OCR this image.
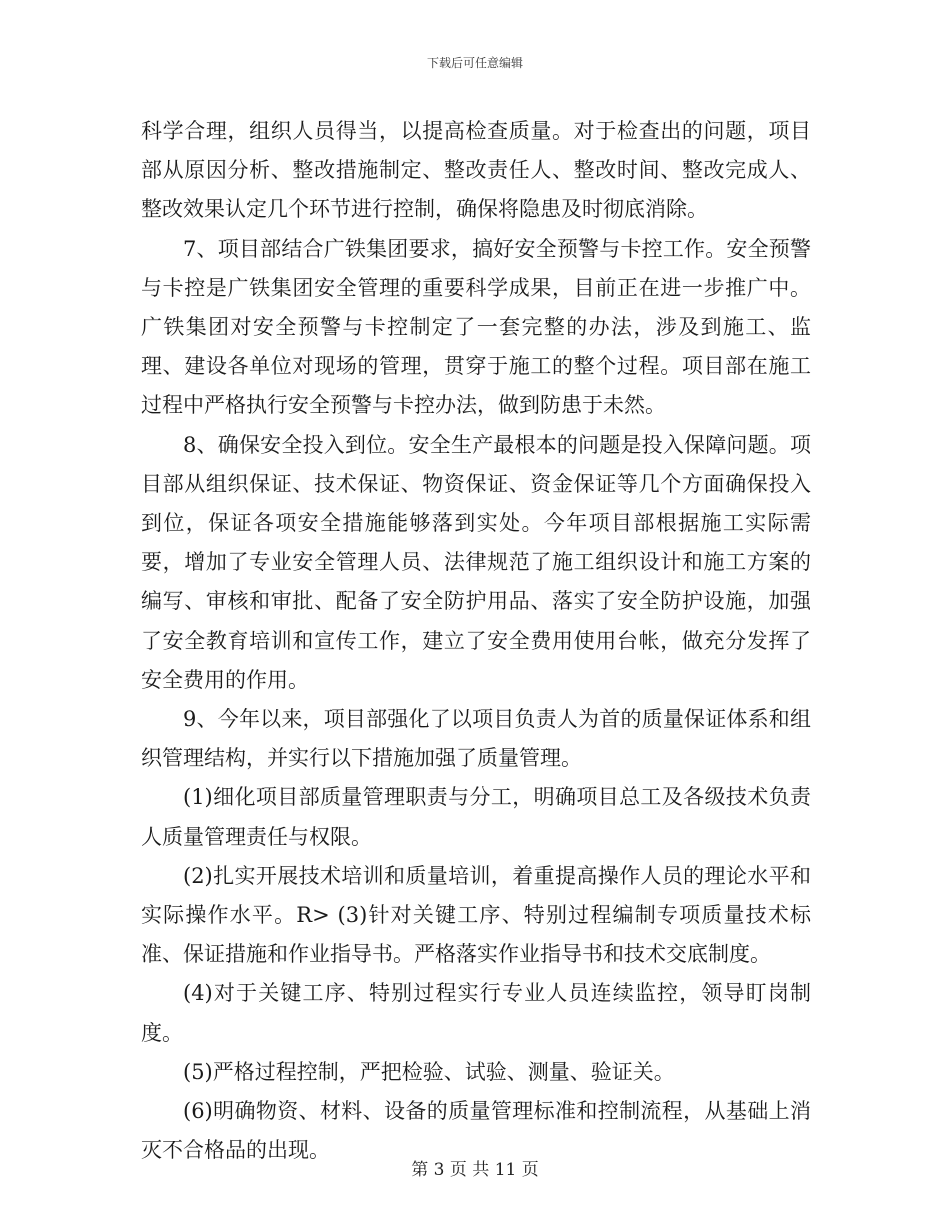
下载后可任意编辑

科学合理，组织人员得当，以提高检查质量。对于检查出的问题，项目部从原因分析、整改措施制定、整改责任人、整改时间、整改完成人、整改效果认定几个环节进行控制，确保将隐患及时彻底消除。

7、项目部结合广铁集团要求，搞好安全预警与卡控工作。安全预警与卡控是广铁集团安全管理的重要科学成果，目前正在进一步推广中。广铁集团对安全预警与卡控制定了一套完整的办法，涉及到施工、监理、建设各单位对现场的管理，贯穿于施工的整个过程。项目部在施工过程中严格执行安全预警与卡控办法，做到防患于未然。

8、确保安全投入到位。安全生产最根本的问题是投入保障问题。项目部从组织保证、技术保证、物资保证、资金保证等几个方面确保投入到位，保证各项安全措施能够落到实处。今年项目部根据施工实际需要，增加了专业安全管理人员、法律规范了施工组织设计和施工方案的编写、审核和审批、配备了安全防护用品、落实了安全防护设施，加强了安全教育培训和宣传工作，建立了安全费用使用台帐，做充分发挥了安全费用的作用。

9、今年以来，项目部强化了以项目负责人为首的质量保证体系和组织管理结构，并实行以下措施加强了质量管理。

(1)细化项目部质量管理职责与分工，明确项目总工及各级技术负责人质量管理责任与权限。

(2)扎实开展技术培训和质量培训，着重提高操作人员的理论水平和实际操作水平。R> (3)针对关键工序、特别过程编制专项质量技术标准、保证措施和作业指导书。严格落实作业指导书和技术交底制度。

(4)对于关键工序、特别过程实行专业人员连续监控，领导盯岗制度。

(5)严格过程控制，严把检验、试验、测量、验证关。

(6)明确物资、材料、设备的质量管理标准和控制流程，从基础上消灭不合格品的出现。

第 3 页 共 11 页
